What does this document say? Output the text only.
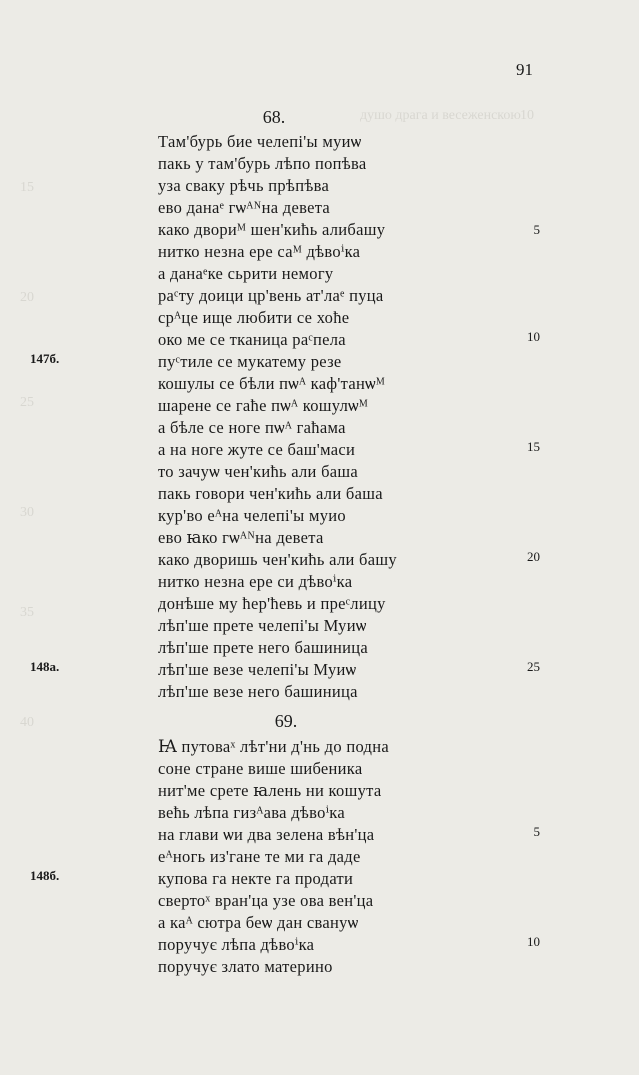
душо драга и весеженскою 10
15
20
25
30
35
40
91
68.
Там'бурь бие челепі'ы муиѡ
пакь у там'бурь лѣпо попѣва
уза сваку рѣчь прѣпѣва
ево данаᵉ гѡᴬᴺна девета
како двориᴹ шен'кићь алибашу
нитко незна ере саᴹ дѣвоⁱка
а данаᵉке сьрити немогу
раᶜту доици цр'вень ат'лаᵉ пуца
срᴬце ище любити се хоће
око ме се тканица раᶜпела
пуᶜтиле се мукатему резе
кошулы се бѣли пѡᴬ каф'танѡᴹ
шарене се гаће пѡᴬ кошулѡᴹ
а бѣле се ноге пѡᴬ гаћама
а на ноге жуте се баш'маси
то зачуѡ чен'кићь али баша
пакь говори чен'кићь али баша
кур'во еᴬна челепі'ы муио
ево ꙗко гѡᴬᴺна девета
како дворишь чен'кићь али башу
нитко незна ере си дѣвоⁱка
донѣше му ћер'ћевь и преᶜлицу
лѣп'ше прете челепі'ы Муиѡ
лѣп'ше прете него башиница
лѣп'ше везе челепі'ы Муиѡ
лѣп'ше везе него башиница
69.
Ꙗ путоваˣ лѣт'ни д'нь до подна
соне стране више шибеника
нит'ме срете ꙗлень ни кошута
већь лѣпа гизᴬава дѣвоⁱка
на глави ѡи два зелена вѣн'ца
еᴬногь из'гане те ми га даде
купова га некте га продати
свертоˣ вран'ца узе ова вен'ца
а каᴬ сютра беѡ дан свануѡ
поручує лѣпа дѣвоⁱка
поручує злато материно
5
10
15
20
25
5
10
147б.
148a.
148б.
